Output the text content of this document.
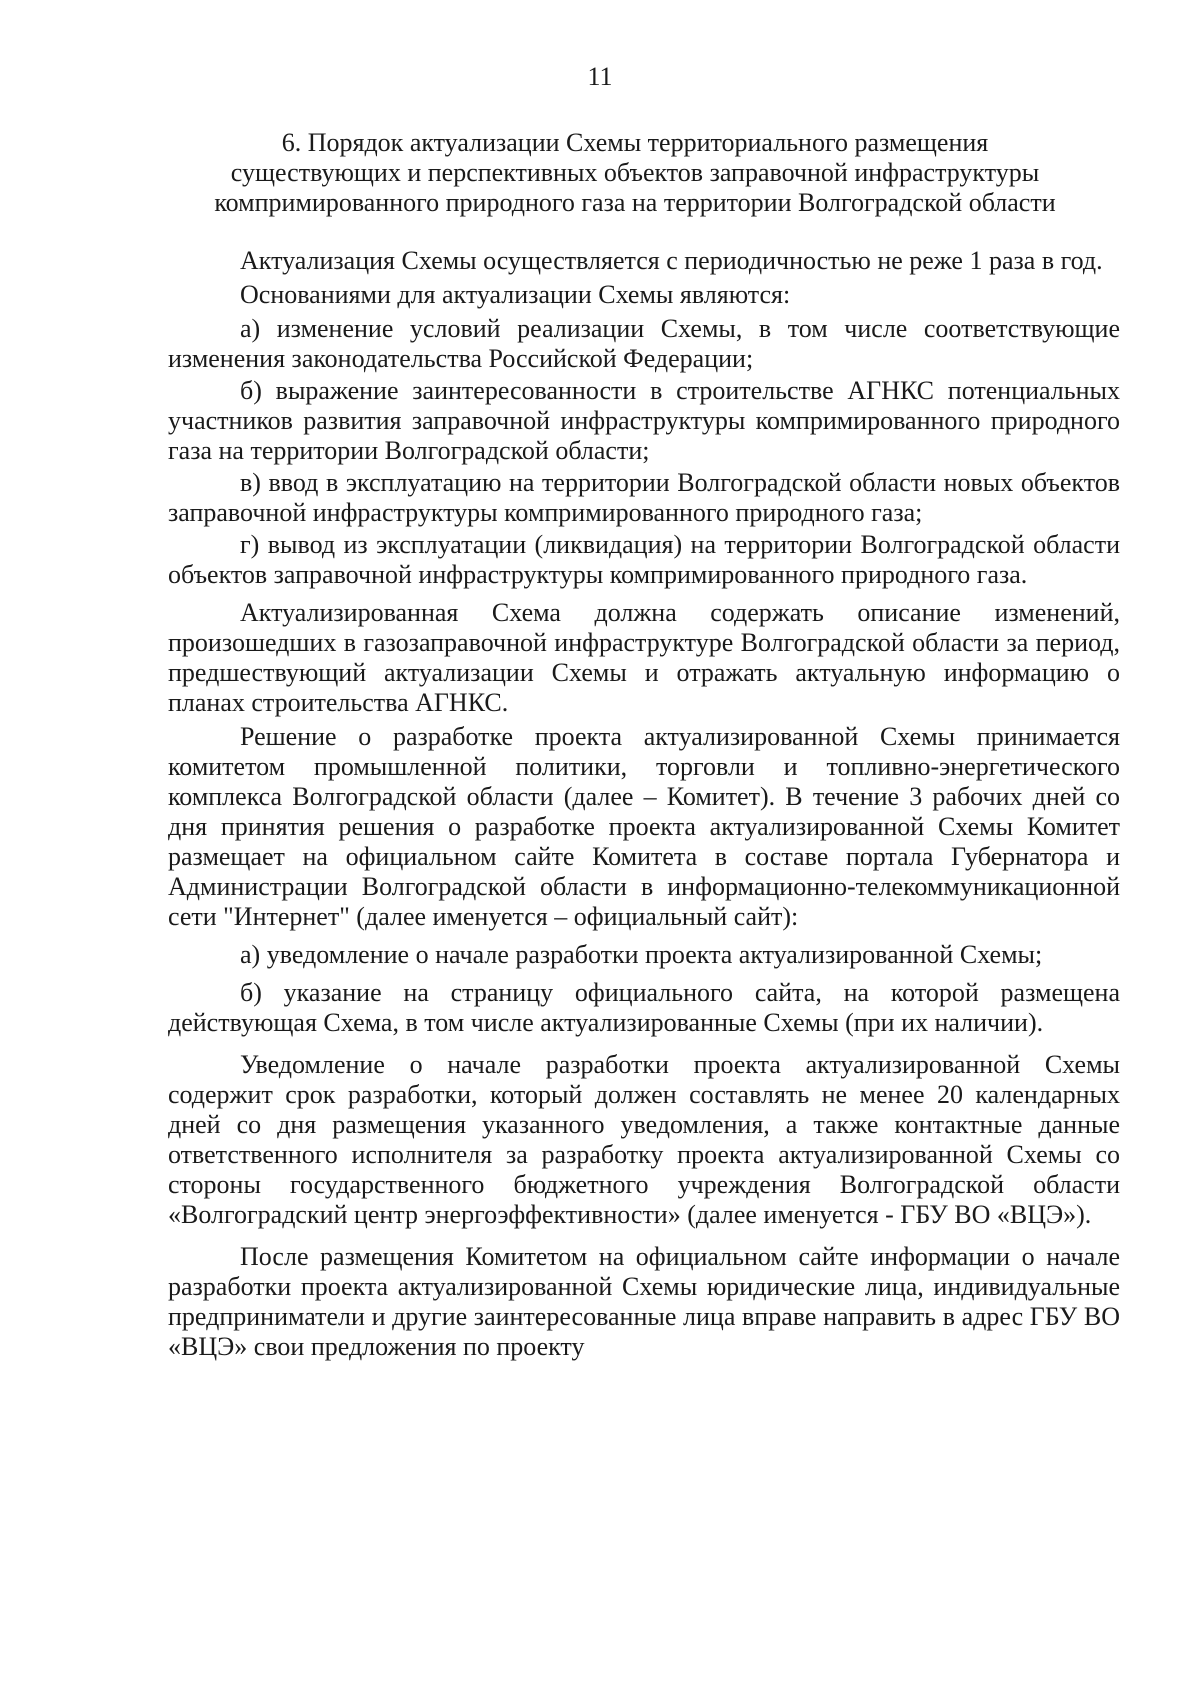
11
6. Порядок актуализации Схемы территориального размещения
существующих и перспективных объектов заправочной инфраструктуры
компримированного природного газа на территории Волгоградской области

Актуализация Схемы осуществляется с периодичностью не реже 1 раза в год.

Основаниями для актуализации Схемы являются:

а) изменение условий реализации Схемы, в том числе соответствующие изменения законодательства Российской Федерации;

б) выражение заинтересованности в строительстве АГНКС потенциальных участников развития заправочной инфраструктуры компримированного природного газа на территории Волгоградской области;

в) ввод в эксплуатацию на территории Волгоградской области новых объектов заправочной инфраструктуры компримированного природного газа;

г) вывод из эксплуатации (ликвидация) на территории Волгоградской области объектов заправочной инфраструктуры компримированного природного газа.

Актуализированная Схема должна содержать описание изменений, произошедших в газозаправочной инфраструктуре Волгоградской области за период, предшествующий актуализации Схемы и отражать актуальную информацию о планах строительства АГНКС.

Решение о разработке проекта актуализированной Схемы принимается комитетом промышленной политики, торговли и топливно-энергетического комплекса Волгоградской области (далее – Комитет). В течение 3 рабочих дней со дня принятия решения о разработке проекта актуализированной Схемы Комитет размещает на официальном сайте Комитета в составе портала Губернатора и Администрации Волгоградской области в информационно-телекоммуникационной сети "Интернет" (далее именуется – официальный сайт):

а) уведомление о начале разработки проекта актуализированной Схемы;

б) указание на страницу официального сайта, на которой размещена действующая Схема, в том числе актуализированные Схемы (при их наличии).

Уведомление о начале разработки проекта актуализированной Схемы содержит срок разработки, который должен составлять не менее 20 календарных дней со дня размещения указанного уведомления, а также контактные данные ответственного исполнителя за разработку проекта актуализированной Схемы со стороны государственного бюджетного учреждения Волгоградской области «Волгоградский центр энергоэффективности» (далее именуется - ГБУ ВО «ВЦЭ»).

После размещения Комитетом на официальном сайте информации о начале разработки проекта актуализированной Схемы юридические лица, индивидуальные предприниматели и другие заинтересованные лица вправе направить в адрес ГБУ ВО «ВЦЭ» свои предложения по проекту
